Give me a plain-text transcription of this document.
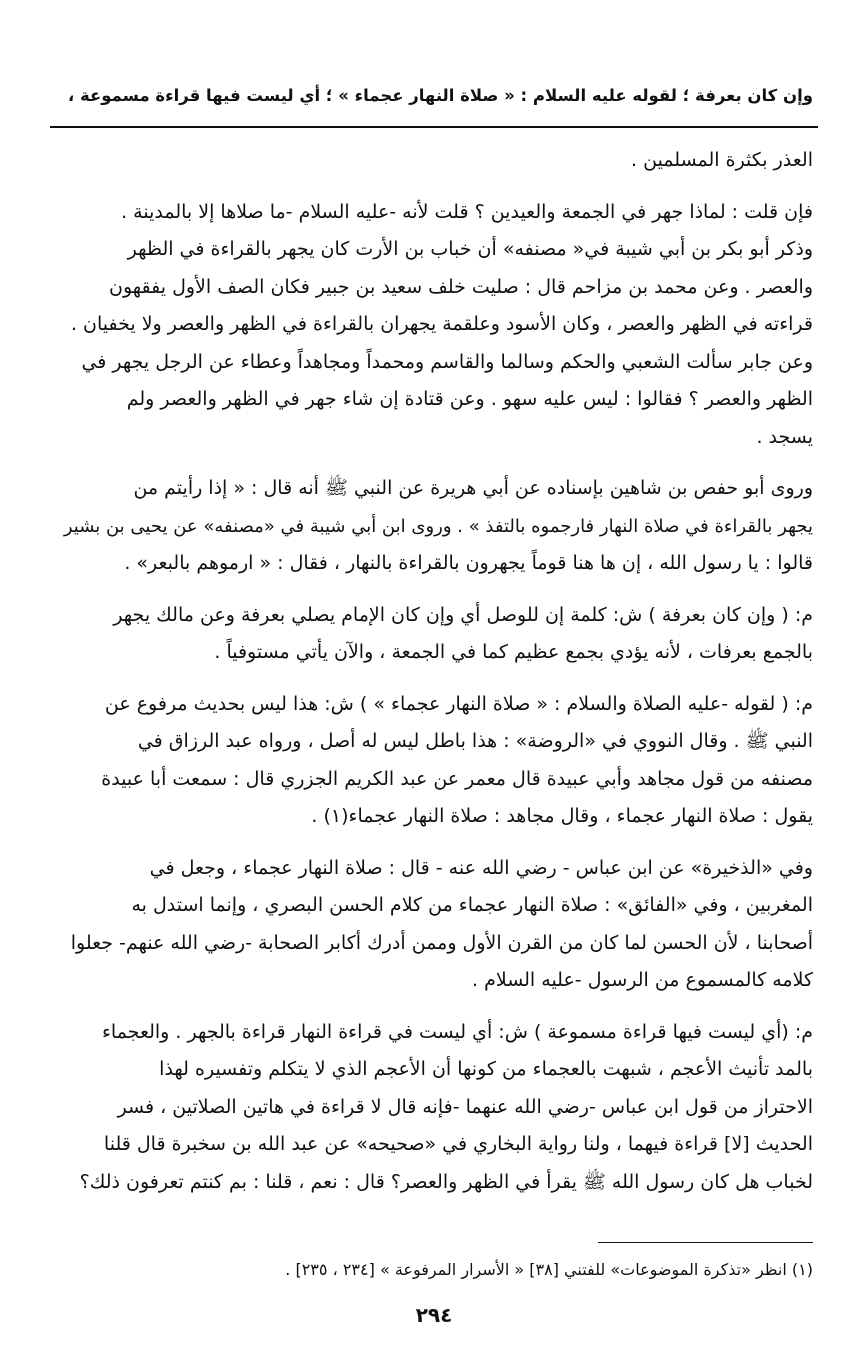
وإن كان بعرفة ؛ لقوله عليه السلام : « صلاة النهار عجماء » ؛ أي ليست فيها قراءة مسموعة ،
العذر بكثرة المسلمين .
فإن قلت : لماذا جهر في الجمعة والعيدين ؟ قلت لأنه -عليه السلام -ما صلاها إلا بالمدينة .
وذكر أبو بكر بن أبي شيبة في« مصنفه» أن خباب بن الأرت كان يجهر بالقراءة في الظهر
والعصر . وعن محمد بن مزاحم قال : صليت خلف سعيد بن جبير فكان الصف الأول يفقهون
قراءته في الظهر والعصر ، وكان الأسود وعلقمة يجهران بالقراءة في الظهر والعصر ولا يخفيان .
وعن جابر سألت الشعبي والحكم وسالما والقاسم ومحمداً ومجاهداً وعطاء عن الرجل يجهر في
الظهر والعصر ؟ فقالوا : ليس عليه سهو . وعن قتادة إن شاء جهر في الظهر والعصر ولم
يسجد .
وروى أبو حفص بن شاهين بإسناده عن أبي هريرة عن النبي ﷺ أنه قال : « إذا رأيتم من
يجهر بالقراءة في صلاة النهار فارجموه بالتفذ » . وروى ابن أبي شيبة في «مصنفه» عن يحيى بن بشير
قالوا : يا رسول الله ، إن ها هنا قوماً يجهرون بالقراءة بالنهار ، فقال : « ارموهم بالبعر» .
م: ( وإن كان بعرفة ) ش: كلمة إن للوصل أي وإن كان الإمام يصلي بعرفة وعن مالك يجهر
بالجمع بعرفات ، لأنه يؤدي بجمع عظيم كما في الجمعة ، والآن يأتي مستوفياً .
م: ( لقوله -عليه الصلاة والسلام : « صلاة النهار عجماء » ) ش: هذا ليس بحديث مرفوع عن
النبي ﷺ . وقال النووي في «الروضة» : هذا باطل ليس له أصل ، ورواه عبد الرزاق في
مصنفه من قول مجاهد وأبي عبيدة قال معمر عن عبد الكريم الجزري قال : سمعت أبا عبيدة
يقول : صلاة النهار عجماء ، وقال مجاهد : صلاة النهار عجماء(١) .
وفي «الذخيرة» عن ابن عباس - رضي الله عنه - قال : صلاة النهار عجماء ، وجعل في
المغربين ، وفي «الفائق» : صلاة النهار عجماء من كلام الحسن البصري ، وإنما استدل به
أصحابنا ، لأن الحسن لما كان من القرن الأول وممن أدرك أكابر الصحابة -رضي الله عنهم- جعلوا
كلامه كالمسموع من الرسول -عليه السلام .
م: (أي ليست فيها قراءة مسموعة ) ش: أي ليست في قراءة النهار قراءة بالجهر . والعجماء
بالمد تأنيث الأعجم ، شبهت بالعجماء من كونها أن الأعجم الذي لا يتكلم وتفسيره لهذا
الاحتراز من قول ابن عباس -رضي الله عنهما -فإنه قال لا قراءة في هاتين الصلاتين ، فسر
الحديث [لا] قراءة فيهما ، ولنا رواية البخاري في «صحيحه» عن عبد الله بن سخبرة قال قلنا
لخباب هل كان رسول الله ﷺ يقرأ في الظهر والعصر؟ قال : نعم ، قلنا : بم كنتم تعرفون ذلك؟
(١) انظر «تذكرة الموضوعات» للفتني [٣٨] « الأسرار المرفوعة » [٢٣٤ ، ٢٣٥] .
٢٩٤
